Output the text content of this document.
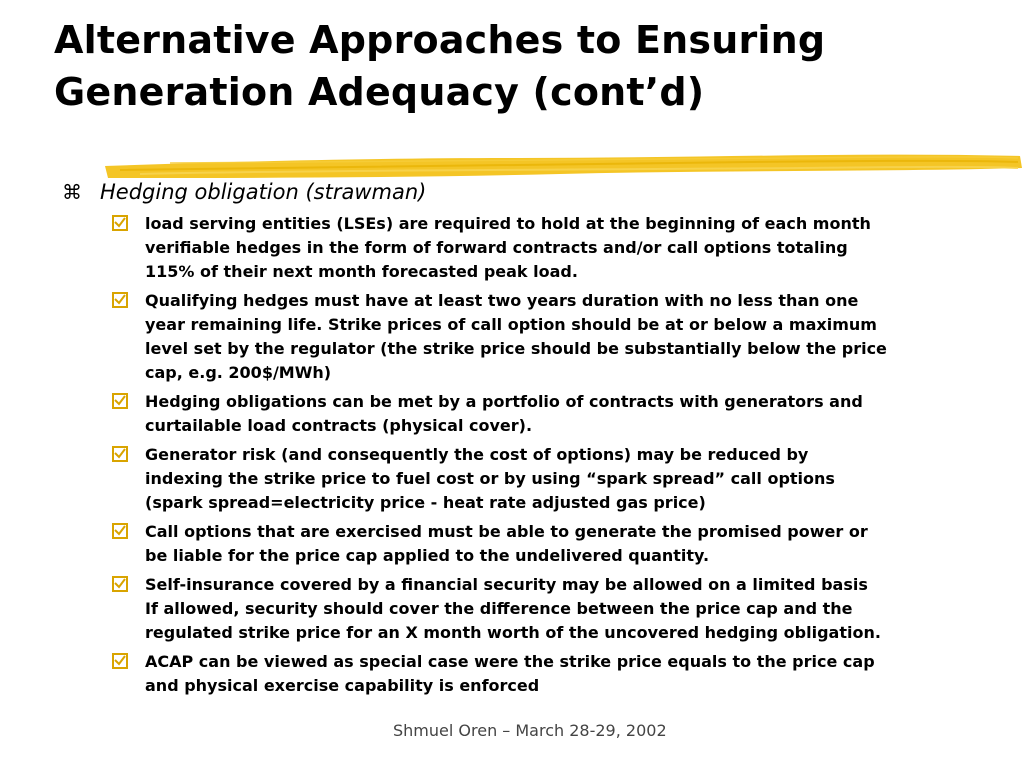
Alternative Approaches to Ensuring
Generation Adequacy (cont’d)
⌘ Hedging obligation (strawman)
load serving entities (LSEs) are required to hold at the beginning of each month
verifiable hedges in the form of forward contracts and/or call options totaling
115% of their next month forecasted peak load.
Qualifying hedges must have at least two years duration with no less than one
year remaining life. Strike prices of call option should be at or below a maximum
level set by the regulator (the strike price should be substantially below the price
cap, e.g. 200$/MWh)
Hedging obligations can be met by a portfolio of contracts with generators and
curtailable load contracts (physical cover).
Generator risk (and consequently the cost of options) may be reduced by
indexing the strike price to fuel cost or by using “spark spread” call options
(spark spread=electricity price - heat rate adjusted gas price)
Call options that are exercised must be able to generate the promised power or
be liable for the price cap applied to the undelivered quantity.
Self-insurance covered by a financial security may be allowed on a limited basis
If allowed, security should cover the difference between the price cap and the
regulated strike price for an X month worth of the uncovered hedging obligation.
ACAP can be viewed as special case were the strike price equals to the price cap
and physical exercise capability is enforced
Shmuel Oren – March 28-29, 2002
